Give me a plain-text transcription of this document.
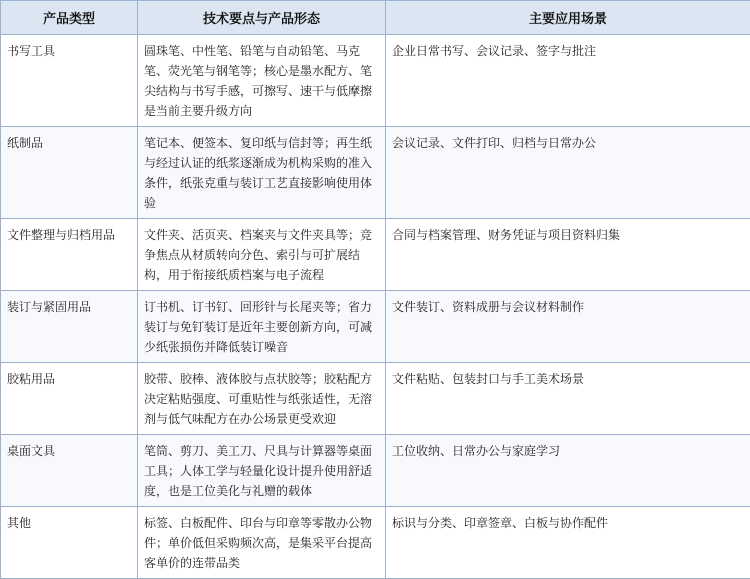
产品类型	技术要点与产品形态	主要应用场景
书写工具	圆珠笔、中性笔、铅笔与自动铅笔、马克笔、荧光笔与钢笔等；核心是墨水配方、笔尖结构与书写手感，可擦写、速干与低摩擦是当前主要升级方向	企业日常书写、会议记录、签字与批注
纸制品	笔记本、便签本、复印纸与信封等；再生纸与经过认证的纸浆逐渐成为机构采购的准入条件，纸张克重与装订工艺直接影响使用体验	会议记录、文件打印、归档与日常办公
文件整理与归档用品	文件夹、活页夹、档案夹与文件夹具等；竞争焦点从材质转向分色、索引与可扩展结构，用于衔接纸质档案与电子流程	合同与档案管理、财务凭证与项目资料归集
装订与紧固用品	订书机、订书钉、回形针与长尾夹等；省力装订与免钉装订是近年主要创新方向，可减少纸张损伤并降低装订噪音	文件装订、资料成册与会议材料制作
胶粘用品	胶带、胶棒、液体胶与点状胶等；胶粘配方决定粘贴强度、可重贴性与纸张适性，无溶剂与低气味配方在办公场景更受欢迎	文件粘贴、包装封口与手工美术场景
桌面文具	笔筒、剪刀、美工刀、尺具与计算器等桌面工具；人体工学与轻量化设计提升使用舒适度，也是工位美化与礼赠的载体	工位收纳、日常办公与家庭学习
其他	标签、白板配件、印台与印章等零散办公物件；单价低但采购频次高，是集采平台提高客单价的连带品类	标识与分类、印章签章、白板与协作配件
